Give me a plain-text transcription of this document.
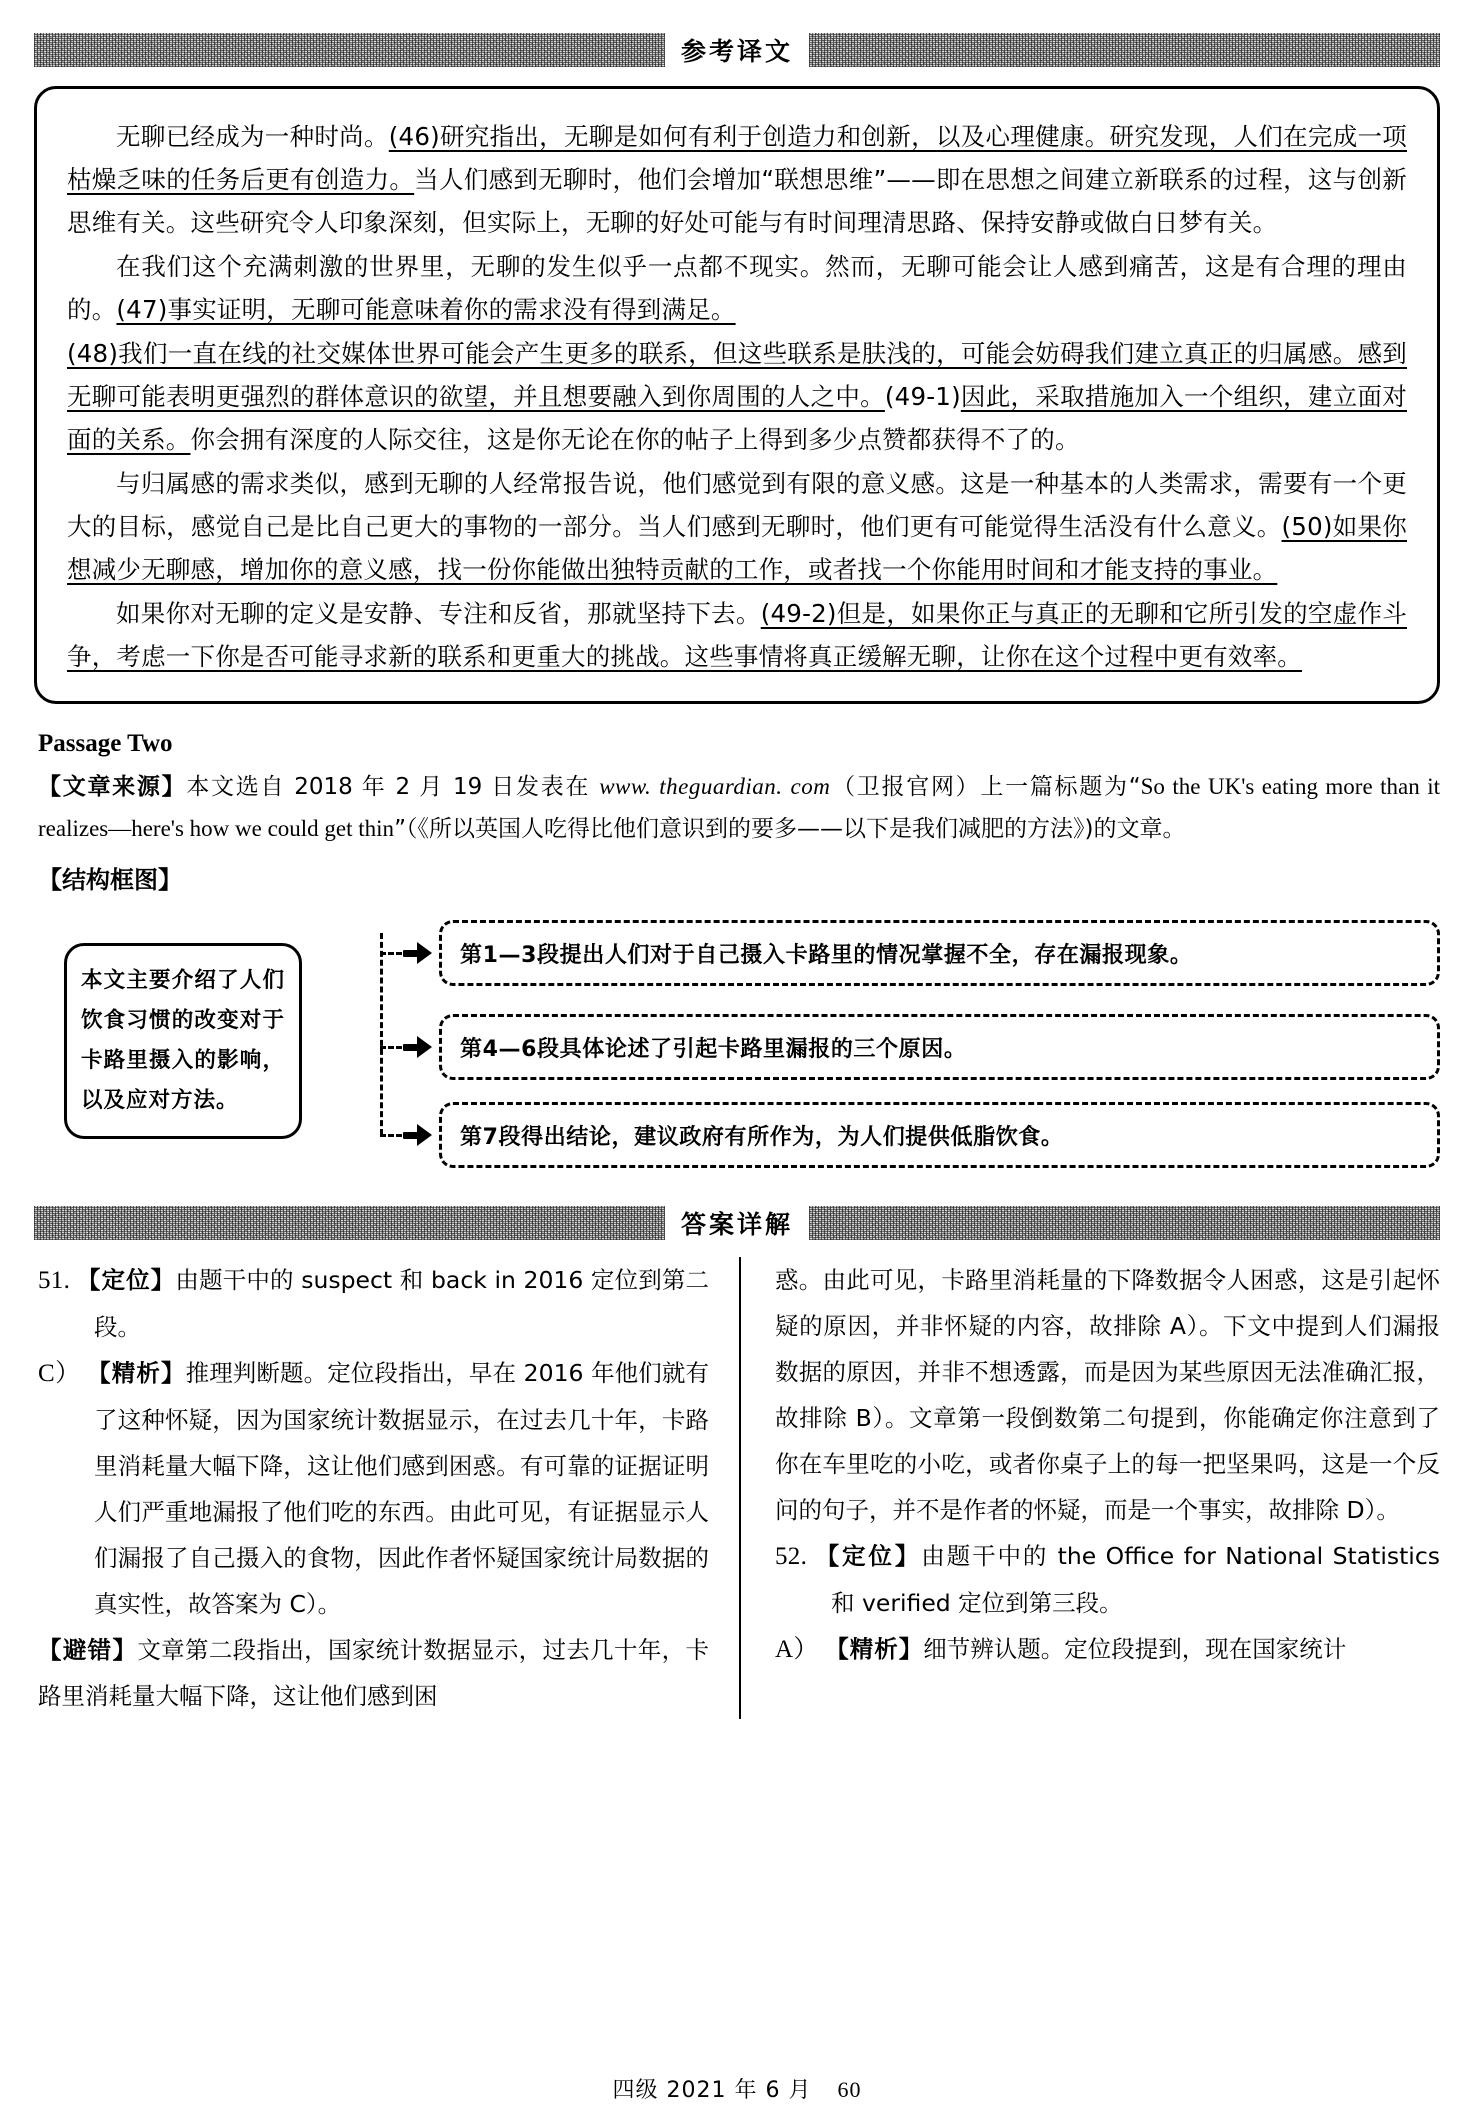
参考译文
无聊已经成为一种时尚。(46)研究指出，无聊是如何有利于创造力和创新，以及心理健康。研究发现，人们在完成一项枯燥乏味的任务后更有创造力。当人们感到无聊时，他们会增加“联想思维”——即在思想之间建立新联系的过程，这与创新思维有关。这些研究令人印象深刻，但实际上，无聊的好处可能与有时间理清思路、保持安静或做白日梦有关。
在我们这个充满刺激的世界里，无聊的发生似乎一点都不现实。然而，无聊可能会让人感到痛苦，这是有合理的理由的。(47)事实证明，无聊可能意味着你的需求没有得到满足。
(48)我们一直在线的社交媒体世界可能会产生更多的联系，但这些联系是肤浅的，可能会妨碍我们建立真正的归属感。感到无聊可能表明更强烈的群体意识的欲望，并且想要融入到你周围的人之中。(49-1)因此，采取措施加入一个组织，建立面对面的关系。你会拥有深度的人际交往，这是你无论在你的帖子上得到多少点赞都获得不了的。
与归属感的需求类似，感到无聊的人经常报告说，他们感觉到有限的意义感。这是一种基本的人类需求，需要有一个更大的目标，感觉自己是比自己更大的事物的一部分。当人们感到无聊时，他们更有可能觉得生活没有什么意义。(50)如果你想减少无聊感，增加你的意义感，找一份你能做出独特贡献的工作，或者找一个你能用时间和才能支持的事业。
如果你对无聊的定义是安静、专注和反省，那就坚持下去。(49-2)但是，如果你正与真正的无聊和它所引发的空虚作斗争，考虑一下你是否可能寻求新的联系和更重大的挑战。这些事情将真正缓解无聊，让你在这个过程中更有效率。
Passage Two
【文章来源】本文选自 2018 年 2 月 19 日发表在 www. theguardian. com（卫报官网）上一篇标题为“So the UK's eating more than it realizes—here's how we could get thin”（《所以英国人吃得比他们意识到的要多——以下是我们减肥的方法》)的文章。
【结构框图】
本文主要介绍了人们饮食习惯的改变对于卡路里摄入的影响，以及应对方法。
第1—3段提出人们对于自己摄入卡路里的情况掌握不全，存在漏报现象。
第4—6段具体论述了引起卡路里漏报的三个原因。
第7段得出结论，建议政府有所作为，为人们提供低脂饮食。
答案详解
51. 【定位】由题干中的 suspect 和 back in 2016 定位到第二段。
C） 【精析】推理判断题。定位段指出，早在 2016 年他们就有了这种怀疑，因为国家统计数据显示，在过去几十年，卡路里消耗量大幅下降，这让他们感到困惑。有可靠的证据证明人们严重地漏报了他们吃的东西。由此可见，有证据显示人们漏报了自己摄入的食物，因此作者怀疑国家统计局数据的真实性，故答案为 C）。
【避错】文章第二段指出，国家统计数据显示，过去几十年，卡路里消耗量大幅下降，这让他们感到困
惑。由此可见，卡路里消耗量的下降数据令人困惑，这是引起怀疑的原因，并非怀疑的内容，故排除 A）。下文中提到人们漏报数据的原因，并非不想透露，而是因为某些原因无法准确汇报，故排除 B）。文章第一段倒数第二句提到，你能确定你注意到了你在车里吃的小吃，或者你桌子上的每一把坚果吗，这是一个反问的句子，并不是作者的怀疑，而是一个事实，故排除 D）。
52. 【定位】由题干中的 the Office for National Statistics 和 verified 定位到第三段。
A） 【精析】细节辨认题。定位段提到，现在国家统计
四级 2021 年 6 月 60
